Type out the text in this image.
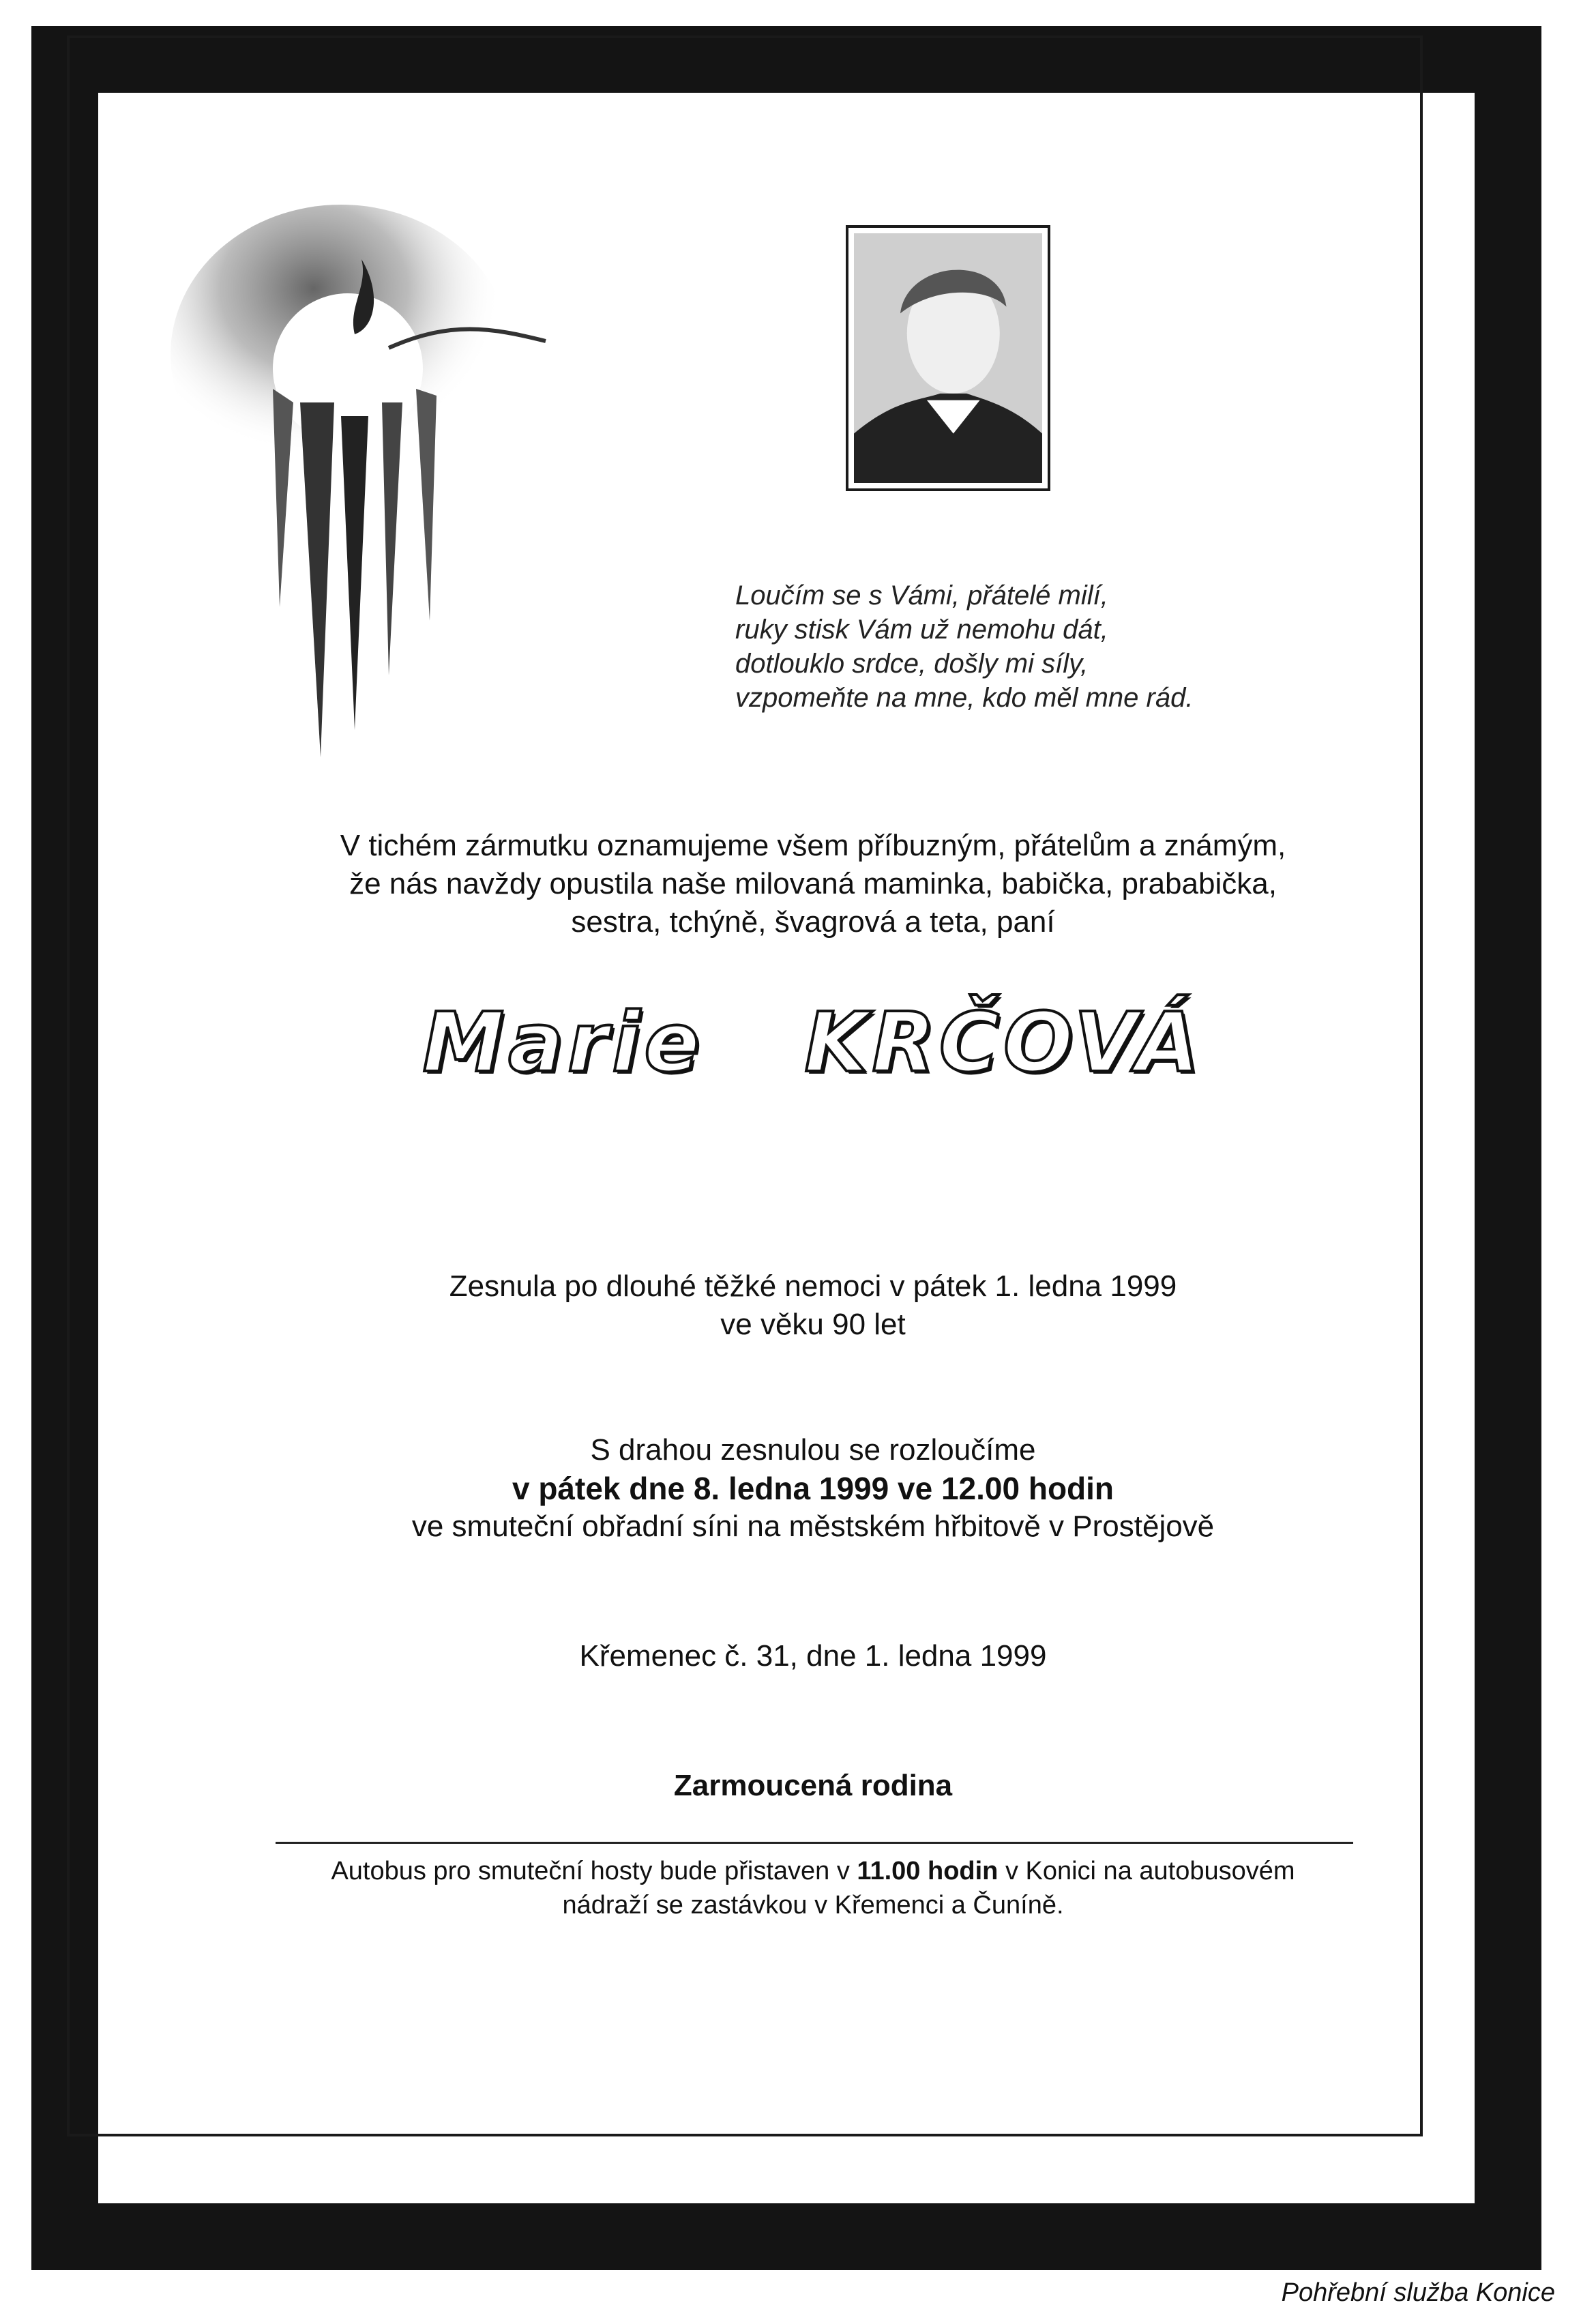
Loučím se s Vámi, přátelé milí,
ruky stisk Vám už nemohu dát,
dotlouklo srdce, došly mi síly,
vzpomeňte na mne, kdo měl mne rád.
V tichém zármutku oznamujeme všem příbuzným, přátelům a známým,
že nás navždy opustila naše milovaná maminka, babička, prababička,
sestra, tchýně, švagrová a teta, paní
Marie KRČOVÁ
Zesnula po dlouhé těžké nemoci v pátek 1. ledna 1999
ve věku 90 let
S drahou zesnulou se rozloučíme
v pátek dne 8. ledna 1999 ve 12.00 hodin
ve smuteční obřadní síni na městském hřbitově v Prostějově
Křemenec č. 31, dne 1. ledna 1999
Zarmoucená rodina
Autobus pro smuteční hosty bude přistaven v 11.00 hodin v Konici na autobusovém
nádraží se zastávkou v Křemenci a Čuníně.
Pohřební služba Konice
